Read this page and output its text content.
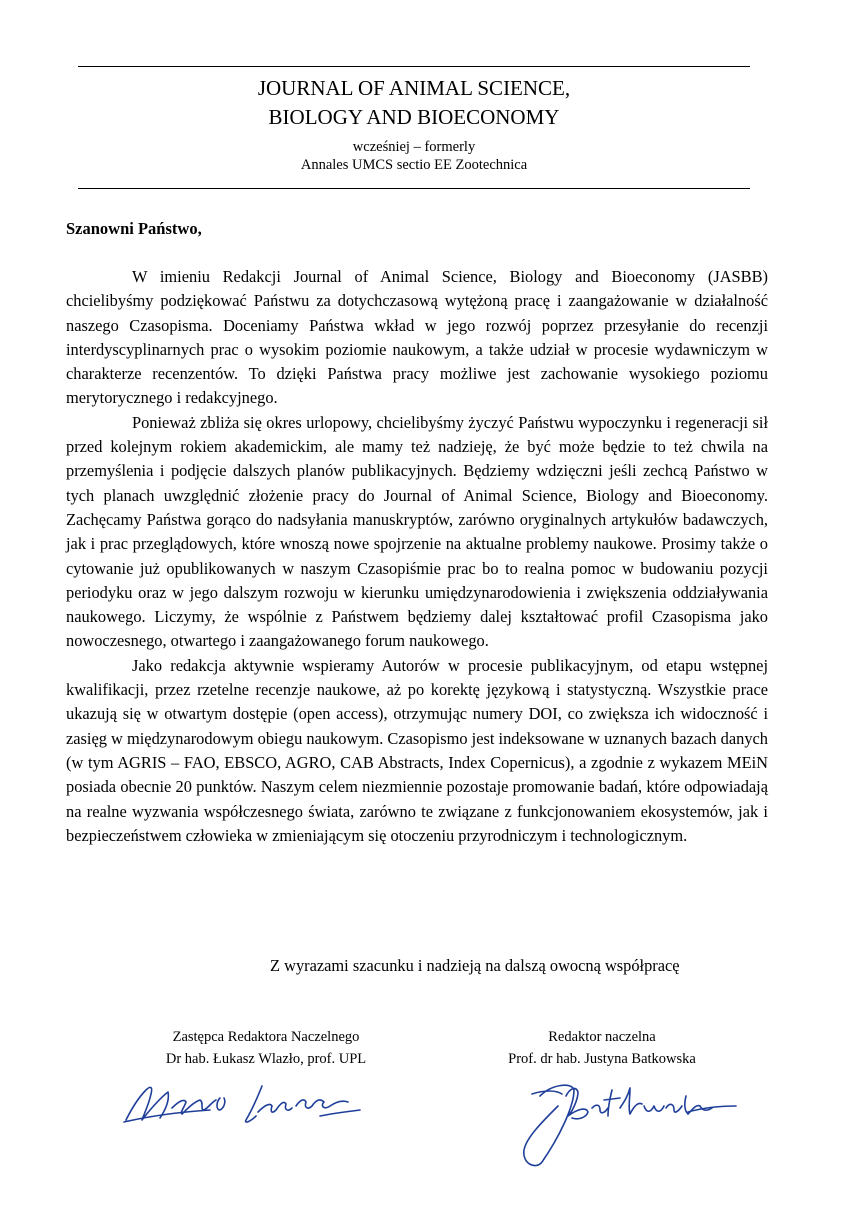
JOURNAL OF ANIMAL SCIENCE,
BIOLOGY AND BIOECONOMY
wcześniej – formerly
Annales UMCS sectio EE Zootechnica
Szanowni Państwo,

W imieniu Redakcji Journal of Animal Science, Biology and Bioeconomy (JASBB) chcielibyśmy podziękować Państwu za dotychczasową wytężoną pracę i zaangażowanie w działalność naszego Czasopisma. Doceniamy Państwa wkład w jego rozwój poprzez przesyłanie do recenzji interdyscyplinarnych prac o wysokim poziomie naukowym, a także udział w procesie wydawniczym w charakterze recenzentów. To dzięki Państwa pracy możliwe jest zachowanie wysokiego poziomu merytorycznego i redakcyjnego.

Ponieważ zbliża się okres urlopowy, chcielibyśmy życzyć Państwu wypoczynku i regeneracji sił przed kolejnym rokiem akademickim, ale mamy też nadzieję, że być może będzie to też chwila na przemyślenia i podjęcie dalszych planów publikacyjnych. Będziemy wdzięczni jeśli zechcą Państwo w tych planach uwzględnić złożenie pracy do Journal of Animal Science, Biology and Bioeconomy. Zachęcamy Państwa gorąco do nadsyłania manuskryptów, zarówno oryginalnych artykułów badawczych, jak i prac przeglądowych, które wnoszą nowe spojrzenie na aktualne problemy naukowe. Prosimy także o cytowanie już opublikowanych w naszym Czasopiśmie prac bo to realna pomoc w budowaniu pozycji periodyku oraz w jego dalszym rozwoju w kierunku umiędzynarodowienia i zwiększenia oddziaływania naukowego. Liczymy, że wspólnie z Państwem będziemy dalej kształtować profil Czasopisma jako nowoczesnego, otwartego i zaangażowanego forum naukowego.

Jako redakcja aktywnie wspieramy Autorów w procesie publikacyjnym, od etapu wstępnej kwalifikacji, przez rzetelne recenzje naukowe, aż po korektę językową i statystyczną. Wszystkie prace ukazują się w otwartym dostępie (open access), otrzymując numery DOI, co zwiększa ich widoczność i zasięg w międzynarodowym obiegu naukowym. Czasopismo jest indeksowane w uznanych bazach danych (w tym AGRIS – FAO, EBSCO, AGRO, CAB Abstracts, Index Copernicus), a zgodnie z wykazem MEiN posiada obecnie 20 punktów. Naszym celem niezmiennie pozostaje promowanie badań, które odpowiadają na realne wyzwania współczesnego świata, zarówno te związane z funkcjonowaniem ekosystemów, jak i bezpieczeństwem człowieka w zmieniającym się otoczeniu przyrodniczym i technologicznym.

Z wyrazami szacunku i nadzieją na dalszą owocną współpracę
Zastępca Redaktora Naczelnego
Dr hab. Łukasz Wlazło, prof. UPL
Redaktor naczelna
Prof. dr hab. Justyna Batkowska
